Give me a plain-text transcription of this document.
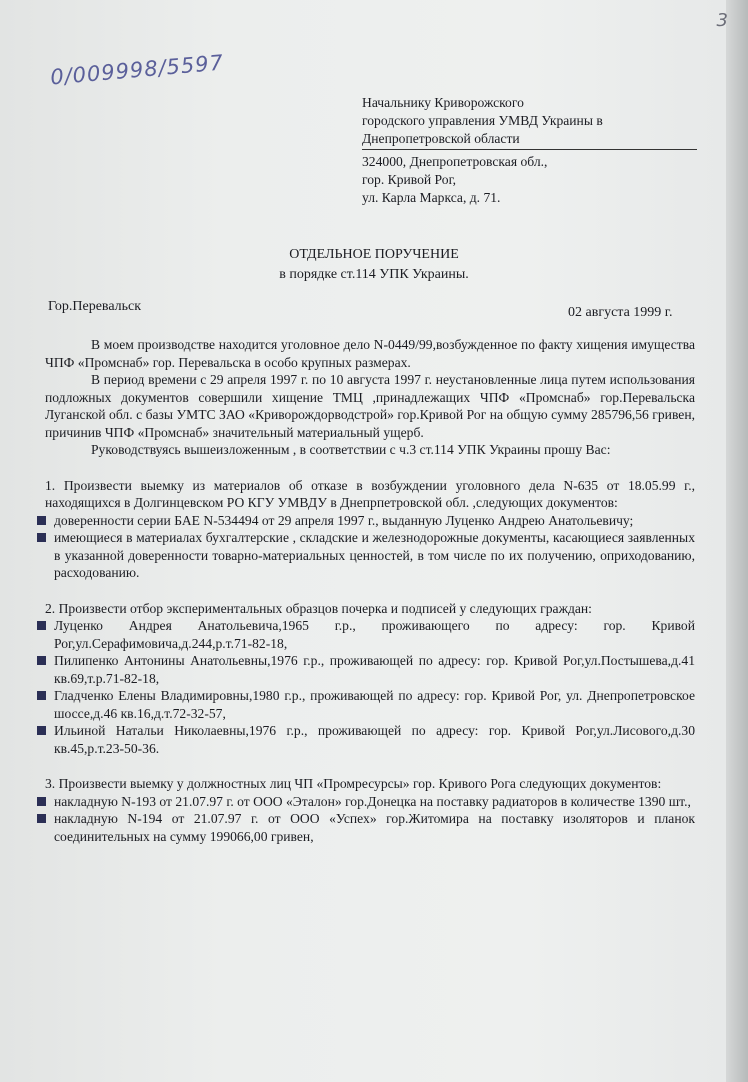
3
0/009998/5597
Начальнику Криворожского
городского управления УМВД Украины в
Днепропетровской области
324000, Днепропетровская обл.,
гор. Кривой Рог,
ул. Карла Маркса, д. 71.
ОТДЕЛЬНОЕ ПОРУЧЕНИЕ
в порядке ст.114 УПК Украины.
Гор.Перевальск	02 августа 1999 г.
В моем производстве находится уголовное дело N-0449/99,возбужденное по факту хищения имущества ЧПФ «Промснаб» гор. Перевальска в особо крупных размерах.
В период времени с 29 апреля 1997 г. по 10 августа 1997 г. неустановленные лица путем использования подложных документов совершили хищение ТМЦ ,принадлежащих ЧПФ «Промснаб» гор.Перевальска Луганской обл. с базы УМТС ЗАО «Криворождорводстрой» гор.Кривой Рог на общую сумму 285796,56 гривен, причинив ЧПФ «Промснаб» значительный материальный ущерб.
Руководствуясь вышеизложенным , в соответствии с ч.3 ст.114 УПК Украины прошу Вас:
1. Произвести выемку из материалов об отказе в возбуждении уголовного дела N-635 от 18.05.99 г., находящихся в Долгинцевском РО КГУ УМВДУ в Днепрпетровской обл. ,следующих документов:
доверенности серии БАЕ N-534494 от 29 апреля 1997 г., выданную Луценко Андрею Анатольевичу;
имеющиеся в материалах бухгалтерские , складские и железнодорожные документы, касающиеся заявленных в указанной доверенности товарно-материальных ценностей, в том числе по их получению, оприходованию, расходованию.
2. Произвести отбор экспериментальных образцов почерка и подписей у следующих граждан:
Луценко Андрея Анатольевича,1965 г.р., проживающего по адресу: гор. Кривой Рог,ул.Серафимовича,д.244,р.т.71-82-18,
Пилипенко Антонины Анатольевны,1976 г.р., проживающей по адресу: гор. Кривой Рог,ул.Постышева,д.41 кв.69,т.р.71-82-18,
Гладченко Елены Владимировны,1980 г.р., проживающей по адресу: гор. Кривой Рог, ул. Днепропетровское шоссе,д.46 кв.16,д.т.72-32-57,
Ильиной Натальи Николаевны,1976 г.р., проживающей по адресу: гор. Кривой Рог,ул.Лисового,д.30 кв.45,р.т.23-50-36.
3. Произвести выемку у должностных лиц ЧП «Промресурсы» гор. Кривого Рога следующих документов:
накладную N-193 от 21.07.97 г. от ООО «Эталон» гор.Донецка на поставку радиаторов в количестве 1390 шт.,
накладную N-194 от 21.07.97 г. от ООО «Успех» гор.Житомира на поставку изоляторов и планок соединительных на сумму 199066,00 гривен,
